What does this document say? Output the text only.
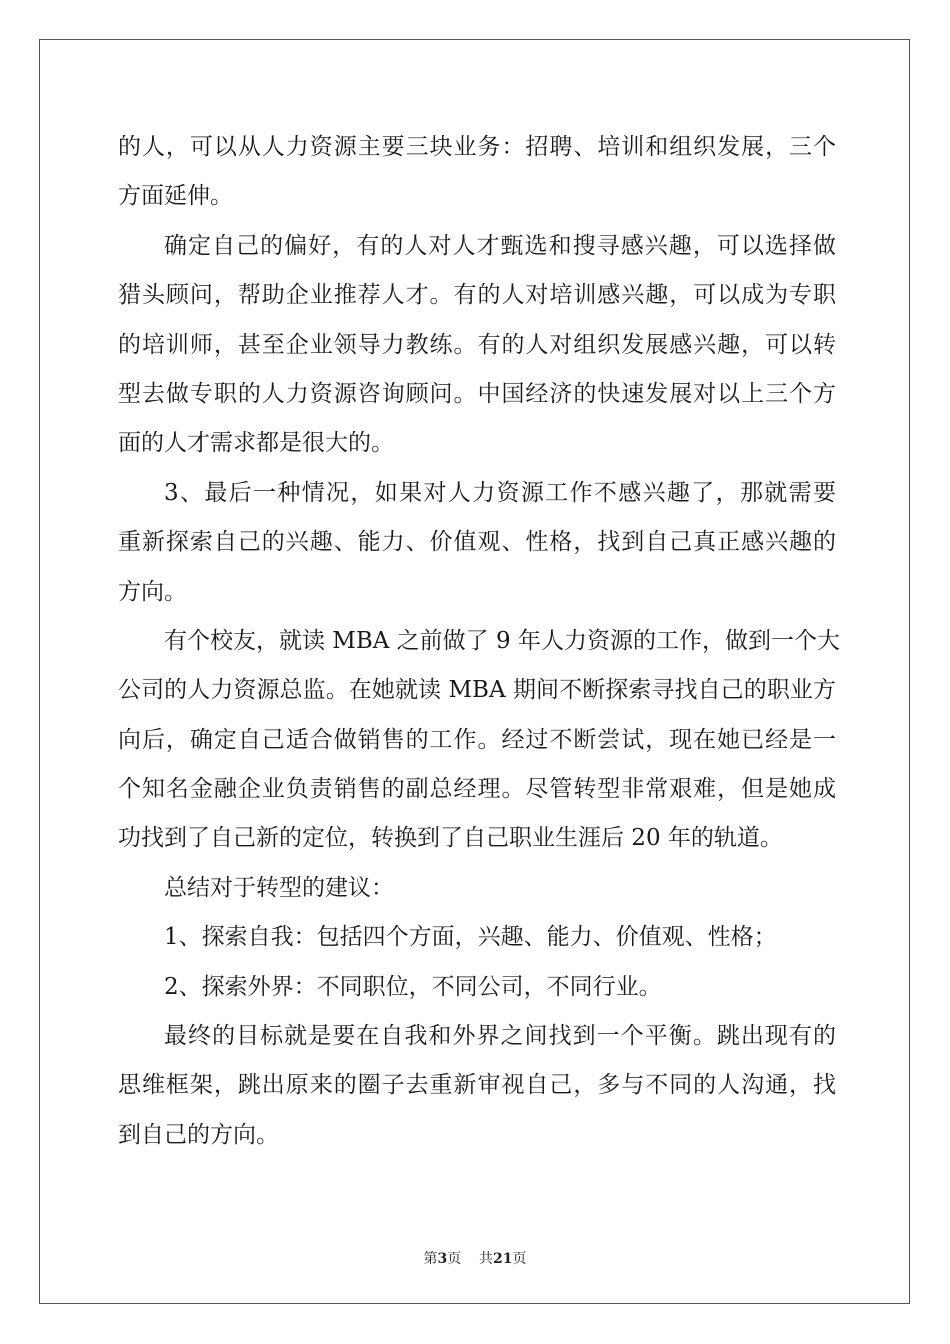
的人，可以从人力资源主要三块业务：招聘、培训和组织发展，三个
方面延伸。
确定自己的偏好，有的人对人才甄选和搜寻感兴趣，可以选择做
猎头顾问，帮助企业推荐人才。有的人对培训感兴趣，可以成为专职
的培训师，甚至企业领导力教练。有的人对组织发展感兴趣，可以转
型去做专职的人力资源咨询顾问。中国经济的快速发展对以上三个方
面的人才需求都是很大的。
3、最后一种情况，如果对人力资源工作不感兴趣了，那就需要
重新探索自己的兴趣、能力、价值观、性格，找到自己真正感兴趣的
方向。
有个校友，就读 MBA 之前做了 9 年人力资源的工作，做到一个大
公司的人力资源总监。在她就读 MBA 期间不断探索寻找自己的职业方
向后，确定自己适合做销售的工作。经过不断尝试，现在她已经是一
个知名金融企业负责销售的副总经理。尽管转型非常艰难，但是她成
功找到了自己新的定位，转换到了自己职业生涯后 20 年的轨道。
总结对于转型的建议：
1、探索自我：包括四个方面，兴趣、能力、价值观、性格；
2、探索外界：不同职位，不同公司，不同行业。
最终的目标就是要在自我和外界之间找到一个平衡。跳出现有的
思维框架，跳出原来的圈子去重新审视自己，多与不同的人沟通，找
到自己的方向。
第3页 共21页
